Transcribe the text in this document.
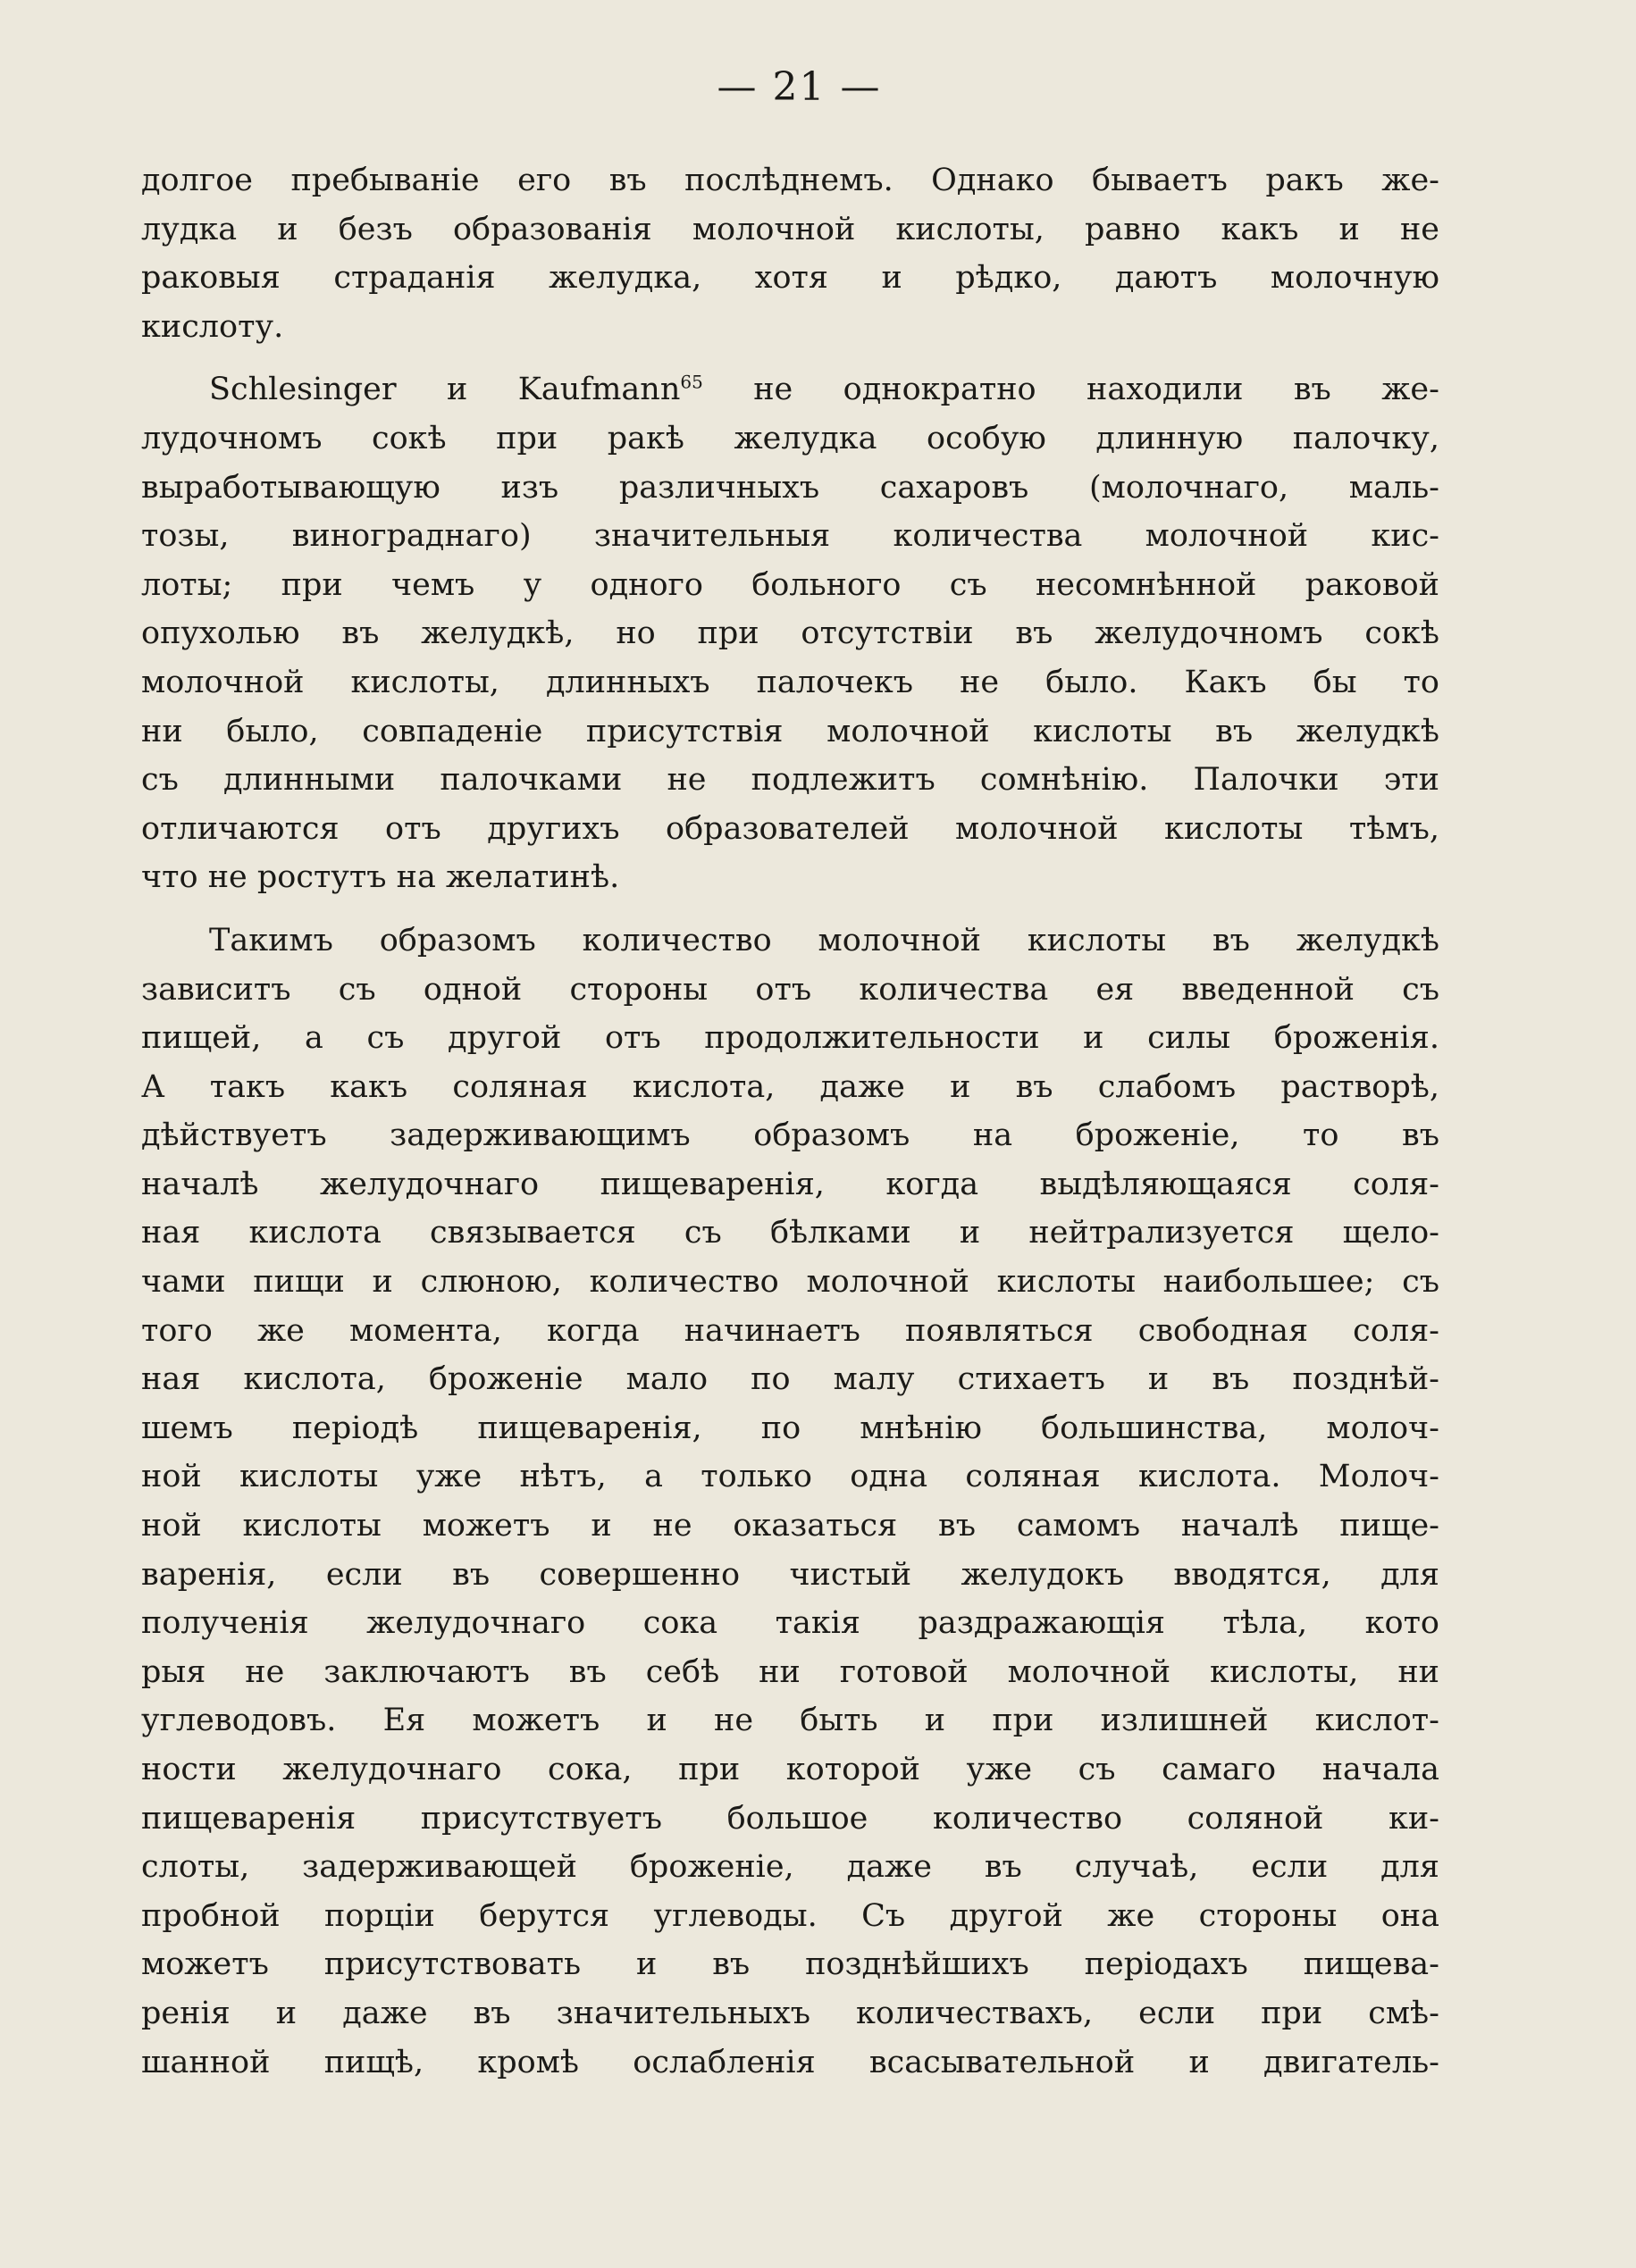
— 21 —
долгое пребываніе его въ послѣднемъ. Однако бываетъ ракъ же-
лудка и безъ образованія молочной кислоты, равно какъ и не
раковыя страданія желудка, хотя и рѣдко, даютъ молочную
кислоту.
Schlesinger и Kaufmann$^{65}$ не однократно находили въ же-
лудочномъ сокѣ при ракѣ желудка особую длинную палочку,
выработывающую изъ различныхъ сахаровъ (молочнаго, маль-
тозы, винограднаго) значительныя количества молочной кис-
лоты; при чемъ у одного больного съ несомнѣнной раковой
опухолью въ желудкѣ, но при отсутствіи въ желудочномъ сокѣ
молочной кислоты, длинныхъ палочекъ не было. Какъ бы то
ни было, совпаденіе присутствія молочной кислоты въ желудкѣ
съ длинными палочками не подлежитъ сомнѣнію. Палочки эти
отличаются отъ другихъ образователей молочной кислоты тѣмъ,
что не ростутъ на желатинѣ.
Такимъ образомъ количество молочной кислоты въ желудкѣ
зависитъ съ одной стороны отъ количества ея введенной съ
пищей, а съ другой отъ продолжительности и силы броженія.
А такъ какъ соляная кислота, даже и въ слабомъ растворѣ,
дѣйствуетъ задерживающимъ образомъ на броженіе, то въ
началѣ желудочнаго пищеваренія, когда выдѣляющаяся соля-
ная кислота связывается съ бѣлками и нейтрализуется щело-
чами пищи и слюною, количество молочной кислоты наибольшее; съ
того же момента, когда начинаетъ появляться свободная соля-
ная кислота, броженіе мало по малу стихаетъ и въ позднѣй-
шемъ періодѣ пищеваренія, по мнѣнію большинства, молоч-
ной кислоты уже нѣтъ, а только одна соляная кислота. Молоч-
ной кислоты можетъ и не оказаться въ самомъ началѣ пище-
варенія, если въ совершенно чистый желудокъ вводятся, для
полученія желудочнаго сока такія раздражающія тѣла, кото
рыя не заключаютъ въ себѣ ни готовой молочной кислоты, ни
углеводовъ. Ея можетъ и не быть и при излишней кислот-
ности желудочнаго сока, при которой уже съ самаго начала
пищеваренія присутствуетъ большое количество соляной ки-
слоты, задерживающей броженіе, даже въ случаѣ, если для
пробной порціи берутся углеводы. Съ другой же стороны она
можетъ присутствовать и въ позднѣйшихъ періодахъ пищева-
ренія и даже въ значительныхъ количествахъ, если при смѣ-
шанной пищѣ, кромѣ ослабленія всасывательной и двигатель-
